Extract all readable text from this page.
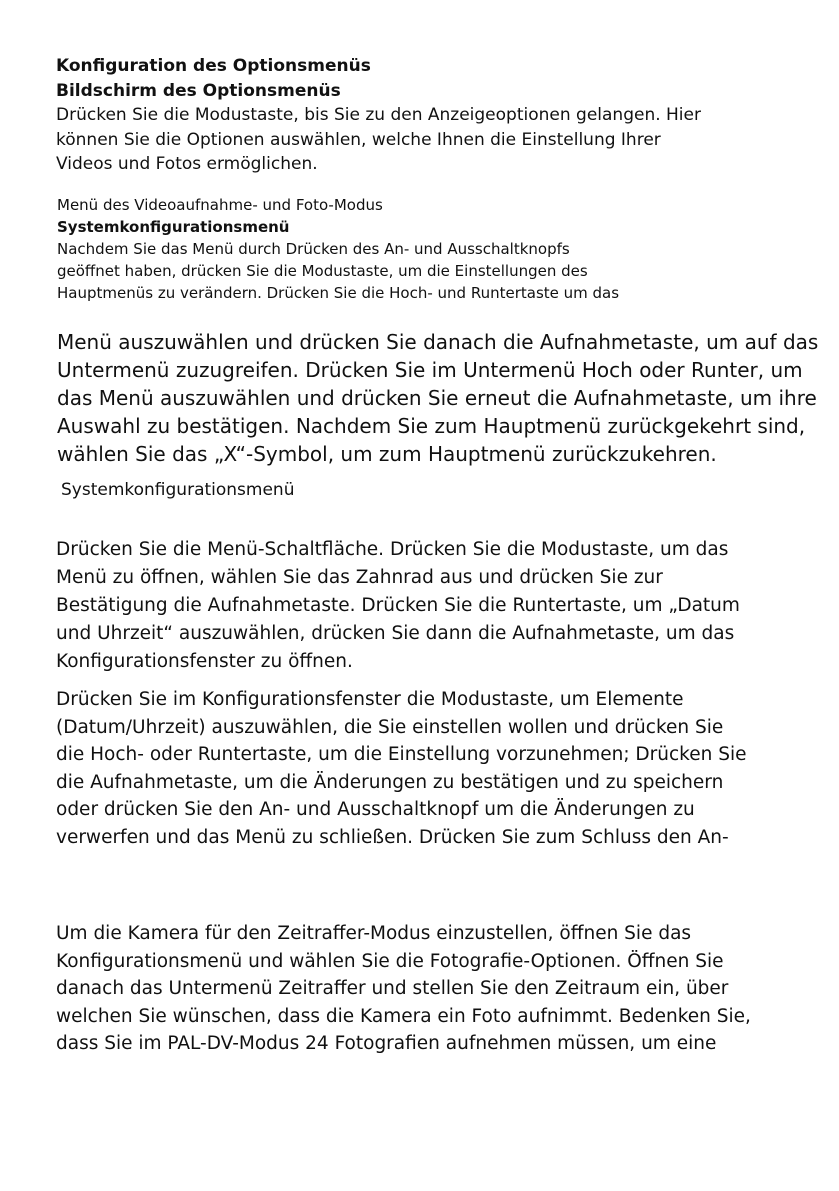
Konfiguration des Optionsmenüs
Bildschirm des Optionsmenüs
Drücken Sie die Modustaste, bis Sie zu den Anzeigeoptionen gelangen. Hier
können Sie die Optionen auswählen, welche Ihnen die Einstellung Ihrer
Videos und Fotos ermöglichen.
Menü des Videoaufnahme- und Foto-Modus
Systemkonfigurationsmenü
Nachdem Sie das Menü durch Drücken des An- und Ausschaltknopfs
geöffnet haben, drücken Sie die Modustaste, um die Einstellungen des
Hauptmenüs zu verändern. Drücken Sie die Hoch- und Runtertaste um das
Menü auszuwählen und drücken Sie danach die Aufnahmetaste, um auf das
Untermenü zuzugreifen. Drücken Sie im Untermenü Hoch oder Runter, um
das Menü auszuwählen und drücken Sie erneut die Aufnahmetaste, um ihre
Auswahl zu bestätigen. Nachdem Sie zum Hauptmenü zurückgekehrt sind,
wählen Sie das „X“-Symbol, um zum Hauptmenü zurückzukehren.
Systemkonfigurationsmenü
Drücken Sie die Menü-Schaltfläche. Drücken Sie die Modustaste, um das
Menü zu öffnen, wählen Sie das Zahnrad aus und drücken Sie zur
Bestätigung die Aufnahmetaste. Drücken Sie die Runtertaste, um „Datum
und Uhrzeit“ auszuwählen, drücken Sie dann die Aufnahmetaste, um das
Konfigurationsfenster zu öffnen.
Drücken Sie im Konfigurationsfenster die Modustaste, um Elemente
(Datum/Uhrzeit) auszuwählen, die Sie einstellen wollen und drücken Sie
die Hoch- oder Runtertaste, um die Einstellung vorzunehmen; Drücken Sie
die Aufnahmetaste, um die Änderungen zu bestätigen und zu speichern
oder drücken Sie den An- und Ausschaltknopf um die Änderungen zu
verwerfen und das Menü zu schließen. Drücken Sie zum Schluss den An-
Um die Kamera für den Zeitraffer-Modus einzustellen, öffnen Sie das
Konfigurationsmenü und wählen Sie die Fotografie-Optionen. Öffnen Sie
danach das Untermenü Zeitraffer und stellen Sie den Zeitraum ein, über
welchen Sie wünschen, dass die Kamera ein Foto aufnimmt. Bedenken Sie,
dass Sie im PAL-DV-Modus 24 Fotografien aufnehmen müssen, um eine
